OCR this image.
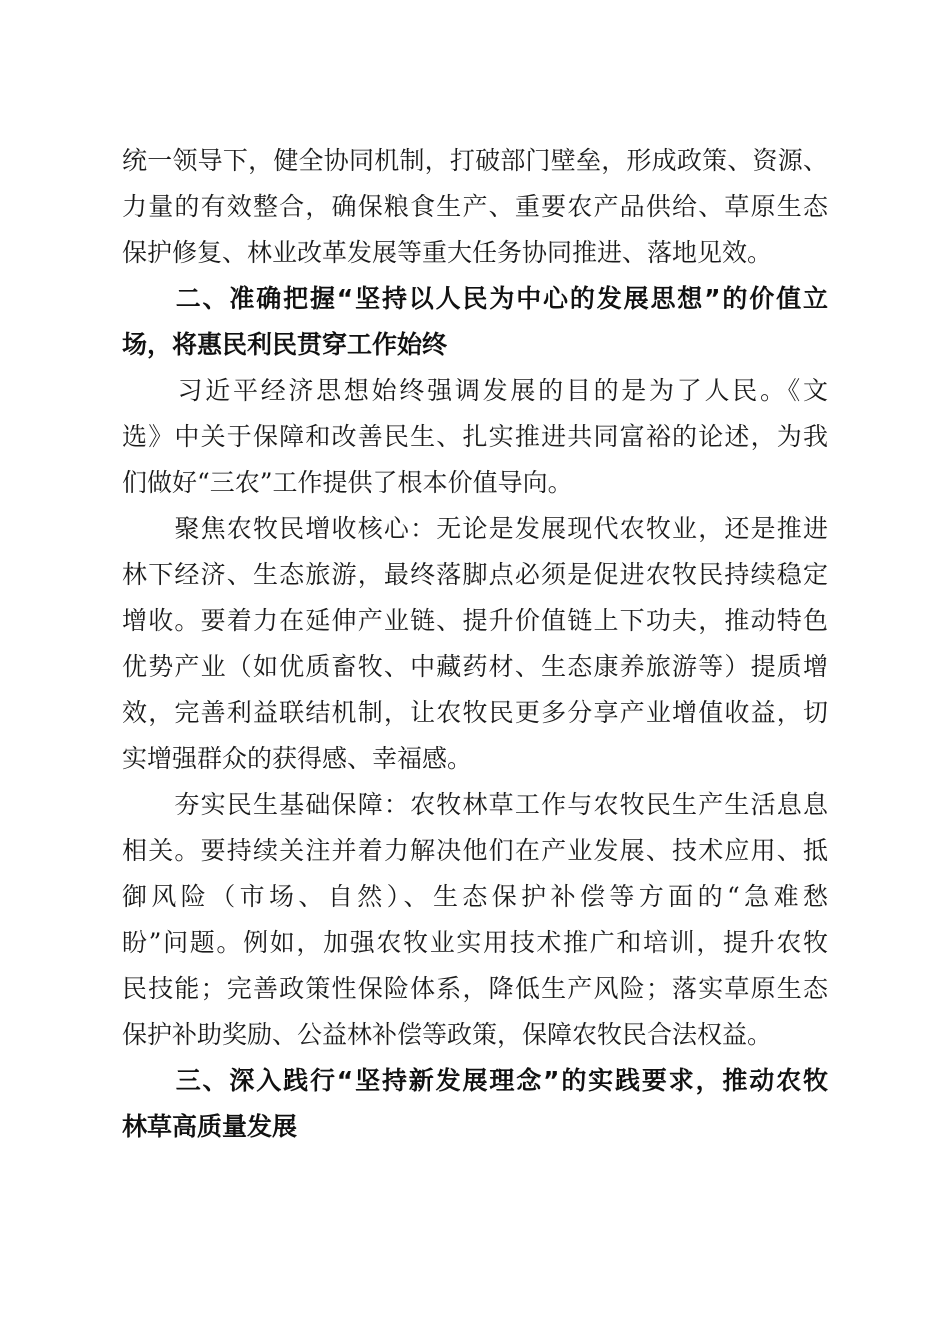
统一领导下，健全协同机制，打破部门壁垒，形成政策、资源、
力量的有效整合，确保粮食生产、重要农产品供给、草原生态
保护修复、林业改革发展等重大任务协同推进、落地见效。
　　二、准确把握“坚持以人民为中心的发展思想”的价值立
场，将惠民利民贯穿工作始终
　　习近平经济思想始终强调发展的目的是为了人民。《文
选》中关于保障和改善民生、扎实推进共同富裕的论述，为我
们做好“三农”工作提供了根本价值导向。
　　聚焦农牧民增收核心：无论是发展现代农牧业，还是推进
林下经济、生态旅游，最终落脚点必须是促进农牧民持续稳定
增收。要着力在延伸产业链、提升价值链上下功夫，推动特色
优势产业（如优质畜牧、中藏药材、生态康养旅游等）提质增
效，完善利益联结机制，让农牧民更多分享产业增值收益，切
实增强群众的获得感、幸福感。
　　夯实民生基础保障：农牧林草工作与农牧民生产生活息息
相关。要持续关注并着力解决他们在产业发展、技术应用、抵
御风险（市场、自然）、生态保护补偿等方面的“急难愁
盼”问题。例如，加强农牧业实用技术推广和培训，提升农牧
民技能；完善政策性保险体系，降低生产风险；落实草原生态
保护补助奖励、公益林补偿等政策，保障农牧民合法权益。
　　三、深入践行“坚持新发展理念”的实践要求，推动农牧
林草高质量发展
